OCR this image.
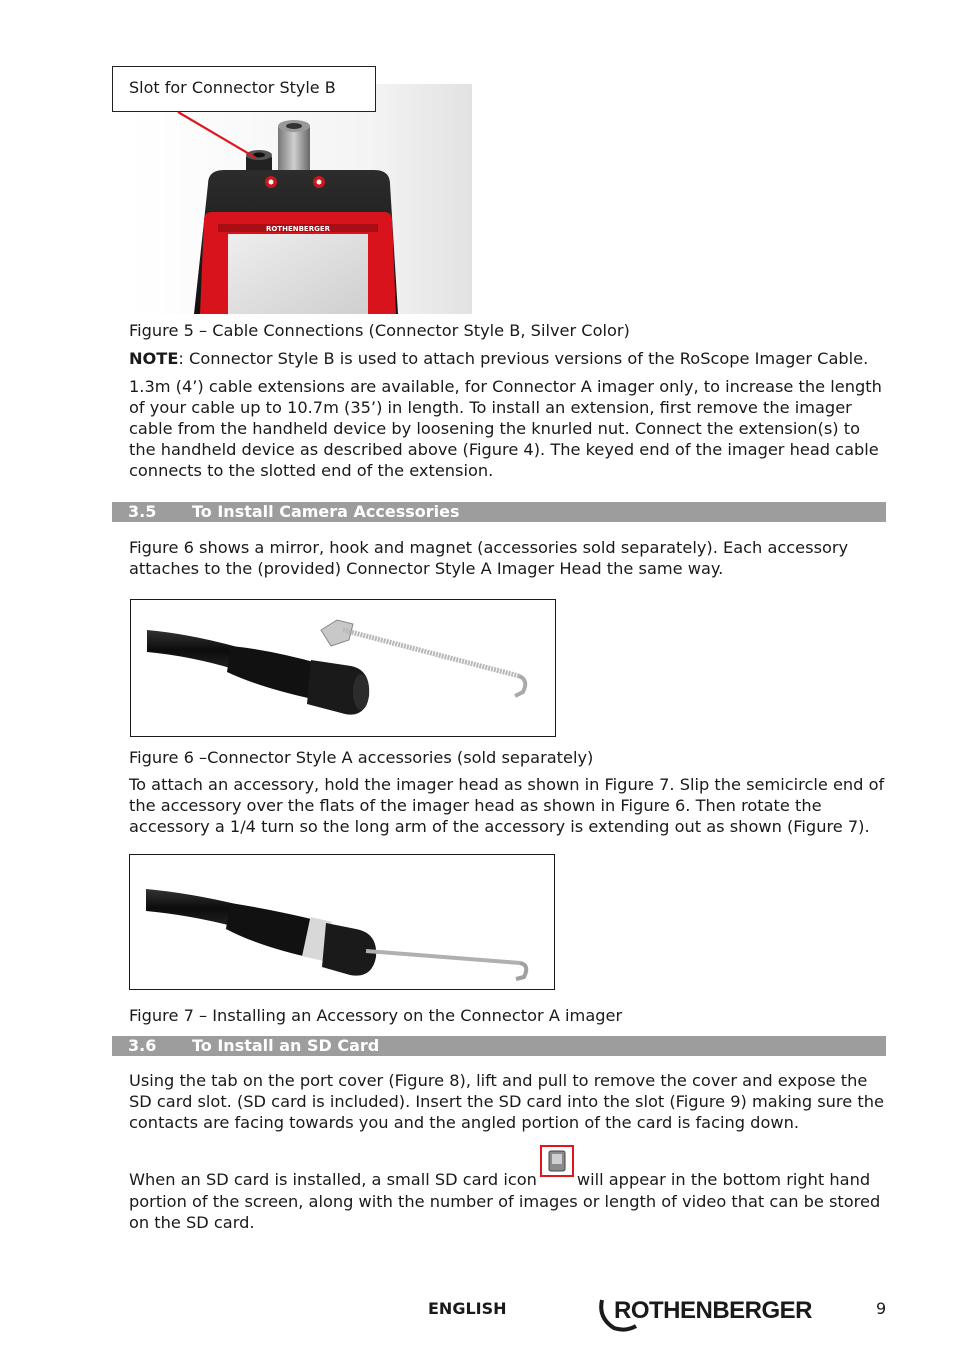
Slot for Connector Style B
ROTHENBERGER

Figure 5 – Cable Connections (Connector Style B, Silver Color)

NOTE: Connector Style B is used to attach previous versions of the RoScope Imager Cable.

1.3m (4’) cable extensions are available, for Connector A imager only, to increase the length of your cable up to 10.7m (35’) in length. To install an extension, first remove the imager cable from the handheld device by loosening the knurled nut. Connect the extension(s) to the handheld device as described above (Figure 4). The keyed end of the imager head cable connects to the slotted end of the extension.

3.5 To Install Camera Accessories

Figure 6 shows a mirror, hook and magnet (accessories sold separately). Each accessory attaches to the (provided) Connector Style A Imager Head the same way.

Figure 6 –Connector Style A accessories (sold separately)

To attach an accessory, hold the imager head as shown in Figure 7. Slip the semicircle end of the accessory over the flats of the imager head as shown in Figure 6. Then rotate the accessory a 1/4 turn so the long arm of the accessory is extending out as shown (Figure 7).

Figure 7 – Installing an Accessory on the Connector A imager

3.6 To Install an SD Card

Using the tab on the port cover (Figure 8), lift and pull to remove the cover and expose the SD card slot. (SD card is included). Insert the SD card into the slot (Figure 9) making sure the contacts are facing towards you and the angled portion of the card is facing down.

When an SD card is installed, a small SD card icon will appear in the bottom right hand portion of the screen, along with the number of images or length of video that can be stored on the SD card.

ENGLISH	ROTHENBERGER	9
